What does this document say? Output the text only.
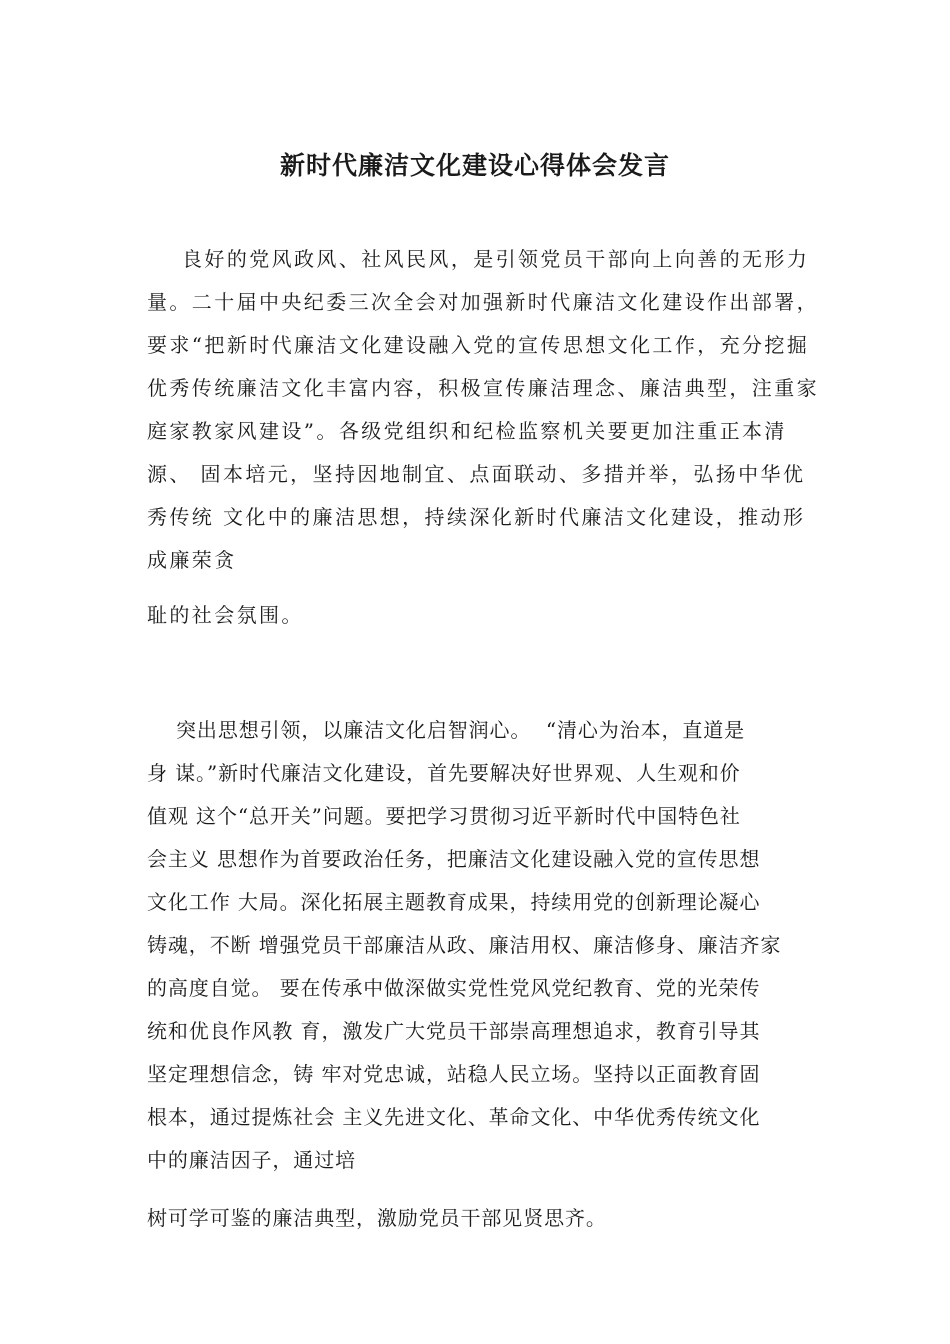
新时代廉洁文化建设心得体会发言
良好的党风政风、社风民风，是引领党员干部向上向善的无形力
量。二十届中央纪委三次全会对加强新时代廉洁文化建设作出部署，
要求“把新时代廉洁文化建设融入党的宣传思想文化工作，充分挖掘
优秀传统廉洁文化丰富内容，积极宣传廉洁理念、廉洁典型，注重家
庭家教家风建设”。各级党组织和纪检监察机关要更加注重正本清
源、 固本培元，坚持因地制宜、点面联动、多措并举，弘扬中华优
秀传统 文化中的廉洁思想，持续深化新时代廉洁文化建设，推动形
成廉荣贪
耻的社会氛围。
突出思想引领，以廉洁文化启智润心。  “清心为治本，直道是
身 谋。”新时代廉洁文化建设，首先要解决好世界观、人生观和价
值观 这个“总开关”问题。要把学习贯彻习近平新时代中国特色社
会主义 思想作为首要政治任务，把廉洁文化建设融入党的宣传思想
文化工作 大局。深化拓展主题教育成果，持续用党的创新理论凝心
铸魂，不断 增强党员干部廉洁从政、廉洁用权、廉洁修身、廉洁齐家
的高度自觉。 要在传承中做深做实党性党风党纪教育、党的光荣传
统和优良作风教 育，激发广大党员干部崇高理想追求，教育引导其
坚定理想信念，铸 牢对党忠诚，站稳人民立场。坚持以正面教育固
根本，通过提炼社会 主义先进文化、革命文化、中华优秀传统文化
中的廉洁因子，通过培
树可学可鉴的廉洁典型，激励党员干部见贤思齐。
